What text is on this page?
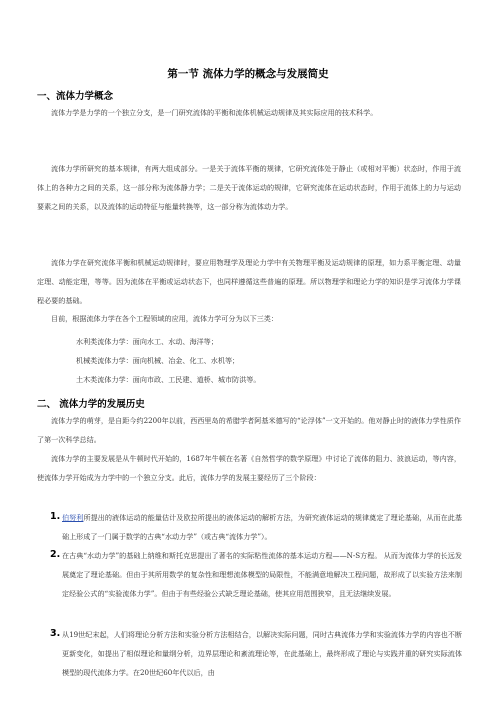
第一节 流体力学的概念与发展简史
一、流体力学概念
流体力学是力学的一个独立分支，是一门研究流体的平衡和流体机械运动规律及其实际应用的技术科学。
流体力学所研究的基本规律，有两大组成部分。一是关于流体平衡的规律，它研究流体处于静止（或相对平衡）状态时，作用于流体上的各种力之间的关系，这一部分称为流体静力学；二是关于流体运动的规律，它研究流体在运动状态时，作用于流体上的力与运动要素之间的关系，以及流体的运动特征与能量转换等，这一部分称为流体动力学。
流体力学在研究流体平衡和机械运动规律时，要应用物理学及理论力学中有关物理平衡及运动规律的原理，如力系平衡定理、动量定理、动能定理，等等。因为流体在平衡或运动状态下，也同样遵循这些普遍的原理。所以物理学和理论力学的知识是学习流体力学课程必要的基础。
目前，根据流体力学在各个工程领域的应用，流体力学可分为以下三类：
水利类流体力学：面向水工、水动、海洋等；
机械类流体力学：面向机械、冶金、化工、水机等；
土木类流体力学：面向市政、工民建、道桥、城市防洪等。
二、 流体力学的发展历史
流体力学的萌芽，是自距今约2200年以前，西西里岛的希腊学者阿基米德写的“论浮体”一文开始的。他对静止时的液体力学性质作了第一次科学总结。
流体力学的主要发展是从牛顿时代开始的，1687年牛顿在名著《自然哲学的数学原理》中讨论了流体的阻力、波浪运动，等内容，使流体力学开始成为力学中的一个独立分支。此后，流体力学的发展主要经历了三个阶段：
1. 伯努利所提出的液体运动的能量估计及欧拉所提出的液体运动的解析方法，为研究液体运动的规律奠定了理论基础，从而在此基础上形成了一门属于数学的古典“水动力学”（或古典“流体力学”）。
2. 在古典“水动力学”的基础上纳维和斯托克思提出了著名的实际粘性流体的基本运动方程——N-S方程。 从而为流体力学的长远发展奠定了理论基础。但由于其所用数学的复杂性和理想流体模型的局限性，不能满意地解决工程问题，故形成了以实验方法来制定经验公式的“实验流体力学”。但由于有些经验公式缺乏理论基础，使其应用范围狭窄，且无法继续发展。
3. 从19世纪末起，人们将理论分析方法和实验分析方法相结合，以解决实际问题，同时古典流体力学和实验流体力学的内容也不断更新变化，如提出了相似理论和量纲分析，边界层理论和紊流理论等，在此基础上，最终形成了理论与实践并重的研究实际流体模型的现代流体力学。在20世纪60年代以后，由
